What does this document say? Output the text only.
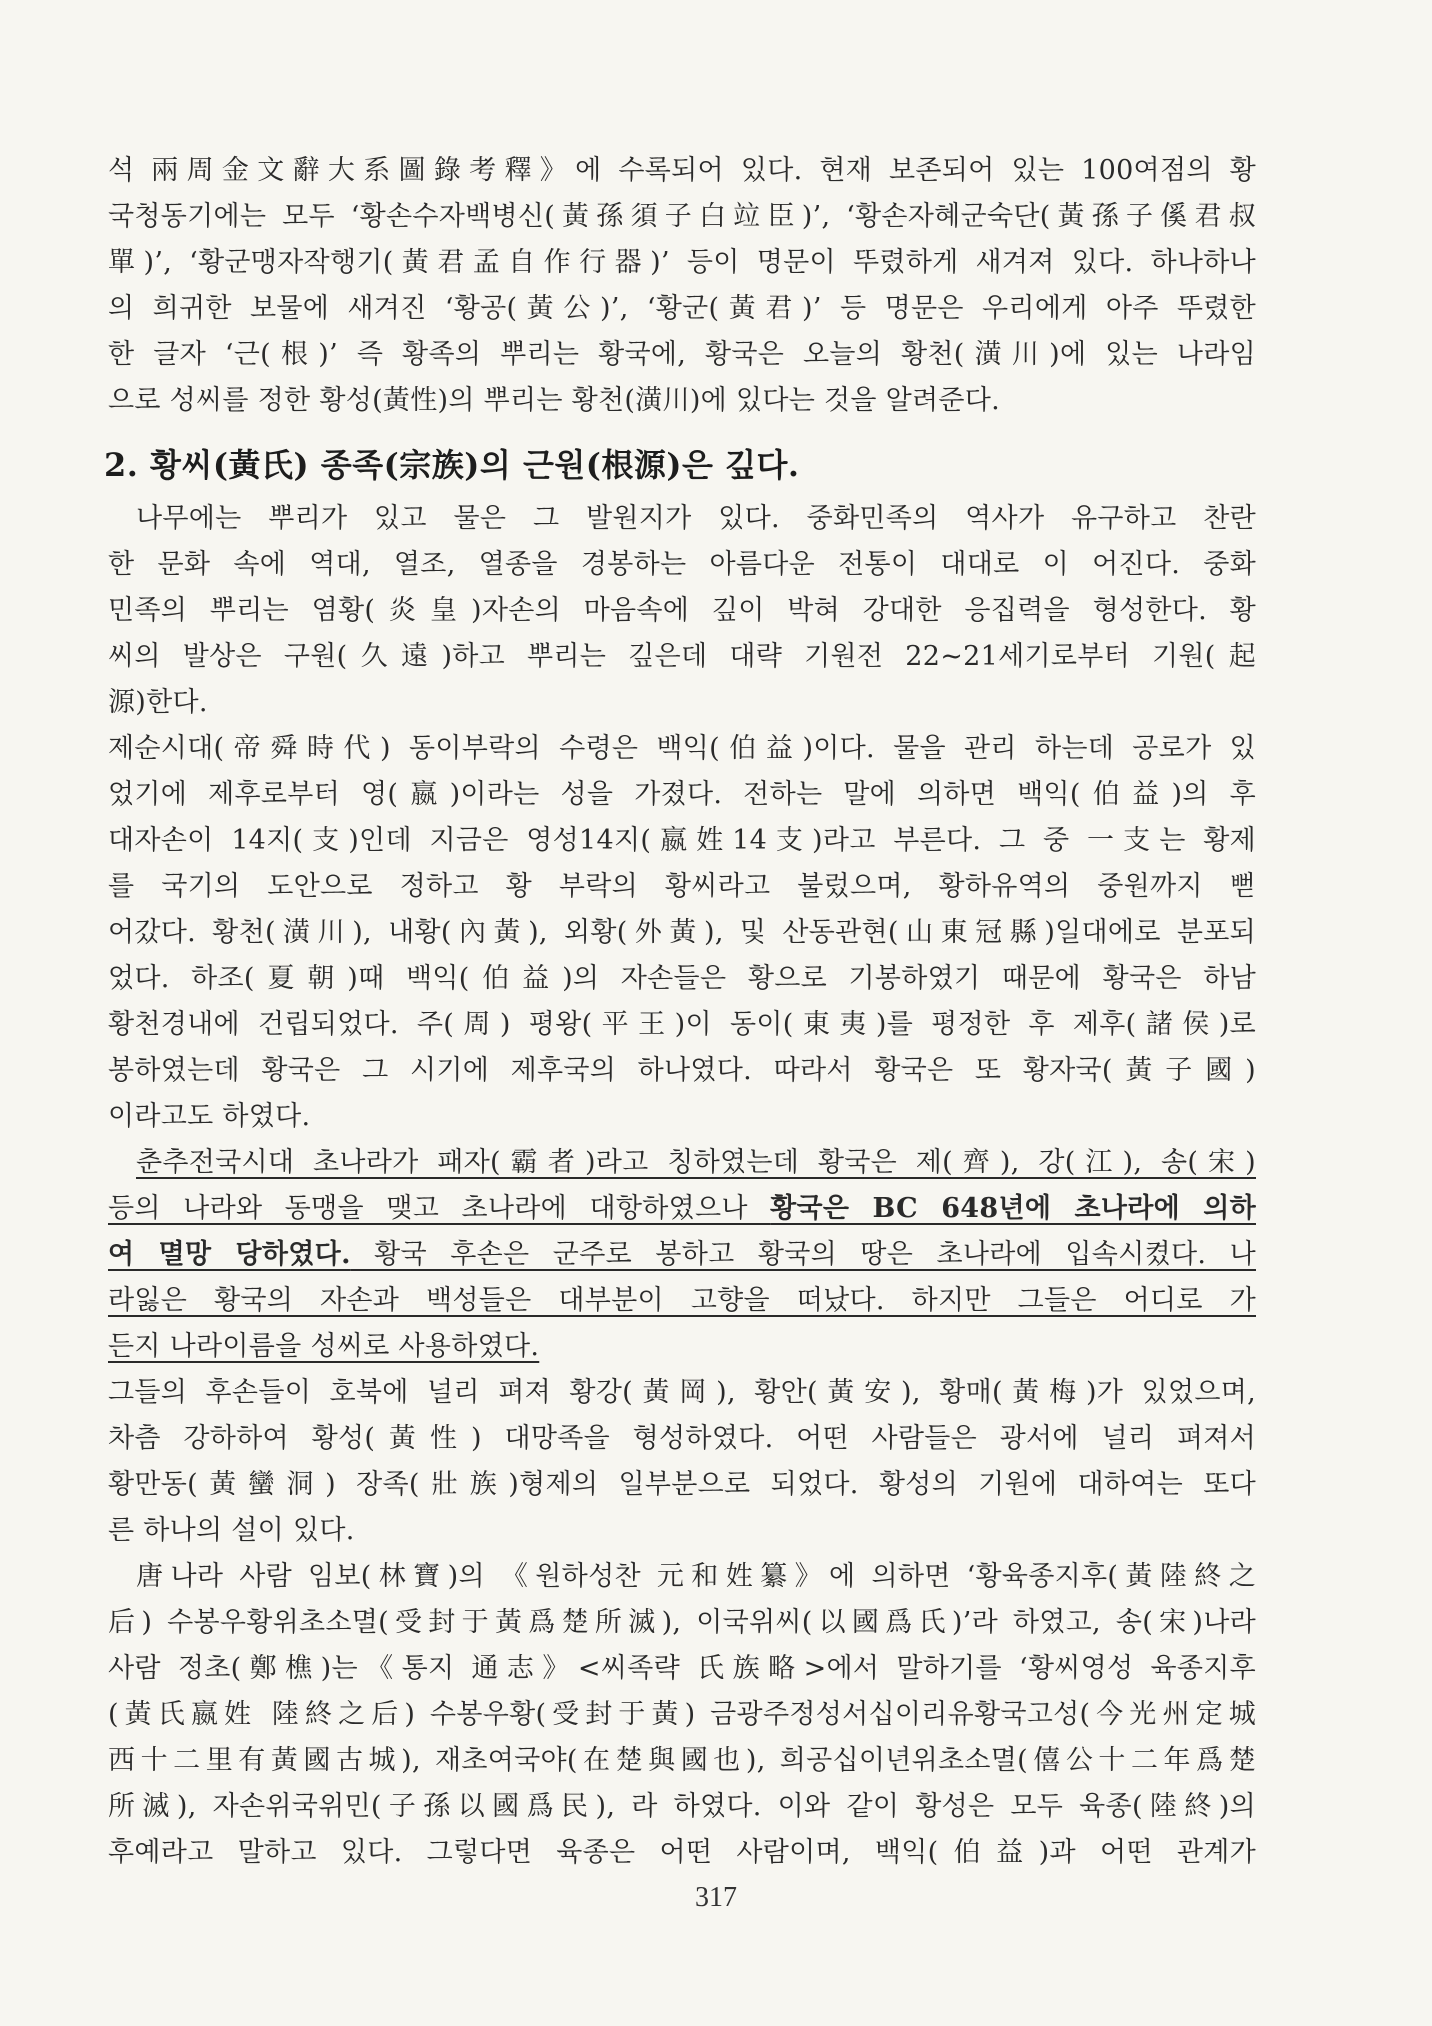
석 兩周金文辭大系圖錄考釋》에 수록되어 있다. 현재 보존되어 있는 100여점의 황
국청동기에는 모두 ‘황손수자백병신(黃孫須子白竝臣)’, ‘황손자혜군숙단(黃孫子傒君叔
單)’, ‘황군맹자작행기(黃君孟自作行器)’ 등이 명문이 뚜렸하게 새겨져 있다. 하나하나
의 희귀한 보물에 새겨진 ‘황공(黃公)’, ‘황군(黃君)’ 등 명문은 우리에게 아주 뚜렸한
한 글자 ‘근(根)’ 즉 황족의 뿌리는 황국에, 황국은 오늘의 황천(潢川)에 있는 나라임
으로 성씨를 정한 황성(黃性)의 뿌리는 황천(潢川)에 있다는 것을 알려준다.
2. 황씨(黃氏) 종족(宗族)의 근원(根源)은 깊다.
나무에는 뿌리가 있고 물은 그 발원지가 있다. 중화민족의 역사가 유구하고 찬란
한 문화 속에 역대, 열조, 열종을 경봉하는 아름다운 전통이 대대로 이 어진다. 중화
민족의 뿌리는 염황(炎皇)자손의 마음속에 깊이 박혀 강대한 응집력을 형성한다. 황
씨의 발상은 구원(久遠)하고 뿌리는 깊은데 대략 기원전 22~21세기로부터 기원(起
源)한다.
제순시대(帝舜時代) 동이부락의 수령은 백익(伯益)이다. 물을 관리 하는데 공로가 있
었기에 제후로부터 영(嬴)이라는 성을 가졌다. 전하는 말에 의하면 백익(伯益)의 후
대자손이 14지(支)인데 지금은 영성14지(嬴姓14支)라고 부른다. 그 중 一支는 황제
를 국기의 도안으로 정하고 황 부락의 황씨라고 불렀으며, 황하유역의 중원까지 뻗
어갔다. 황천(潢川), 내황(內黃), 외황(外黃), 및 산동관현(山東冠縣)일대에로 분포되
었다. 하조(夏朝)때 백익(伯益)의 자손들은 황으로 기봉하였기 때문에 황국은 하남
황천경내에 건립되었다. 주(周) 평왕(平王)이 동이(東夷)를 평정한 후 제후(諸侯)로
봉하였는데 황국은 그 시기에 제후국의 하나였다. 따라서 황국은 또 황자국(黃子國)
이라고도 하였다.
춘추전국시대 초나라가 패자(霸者)라고 칭하였는데 황국은 제(齊), 강(江), 송(宋)
등의 나라와 동맹을 맺고 초나라에 대항하였으나 황국은 BC 648년에 초나라에 의하
여 멸망 당하였다. 황국 후손은 군주로 봉하고 황국의 땅은 초나라에 입속시켰다. 나
라잃은 황국의 자손과 백성들은 대부분이 고향을 떠났다. 하지만 그들은 어디로 가
든지 나라이름을 성씨로 사용하였다.
그들의 후손들이 호북에 널리 펴져 황강(黃岡), 황안(黃安), 황매(黃梅)가 있었으며,
차츰 강하하여 황성(黃性) 대망족을 형성하였다. 어떤 사람들은 광서에 널리 펴져서
황만동(黃蠻洞) 장족(壯族)형제의 일부분으로 되었다. 황성의 기원에 대하여는 또다
른 하나의 설이 있다.
唐나라 사람 임보(林寶)의 《원하성찬 元和姓纂》에 의하면 ‘황육종지후(黃陸終之
后) 수봉우황위초소멸(受封于黃爲楚所滅), 이국위씨(以國爲氏)’라 하였고, 송(宋)나라
사람 정초(鄭樵)는《통지 通志》<씨족략 氏族略>에서 말하기를 ‘황씨영성 육종지후
(黃氏嬴姓 陸終之后) 수봉우황(受封于黃) 금광주정성서십이리유황국고성(今光州定城
西十二里有黃國古城), 재초여국야(在楚與國也), 희공십이년위초소멸(僖公十二年爲楚
所滅), 자손위국위민(子孫以國爲民), 라 하였다. 이와 같이 황성은 모두 육종(陸終)의
후예라고 말하고 있다. 그렇다면 육종은 어떤 사람이며, 백익(伯益)과 어떤 관계가
317
